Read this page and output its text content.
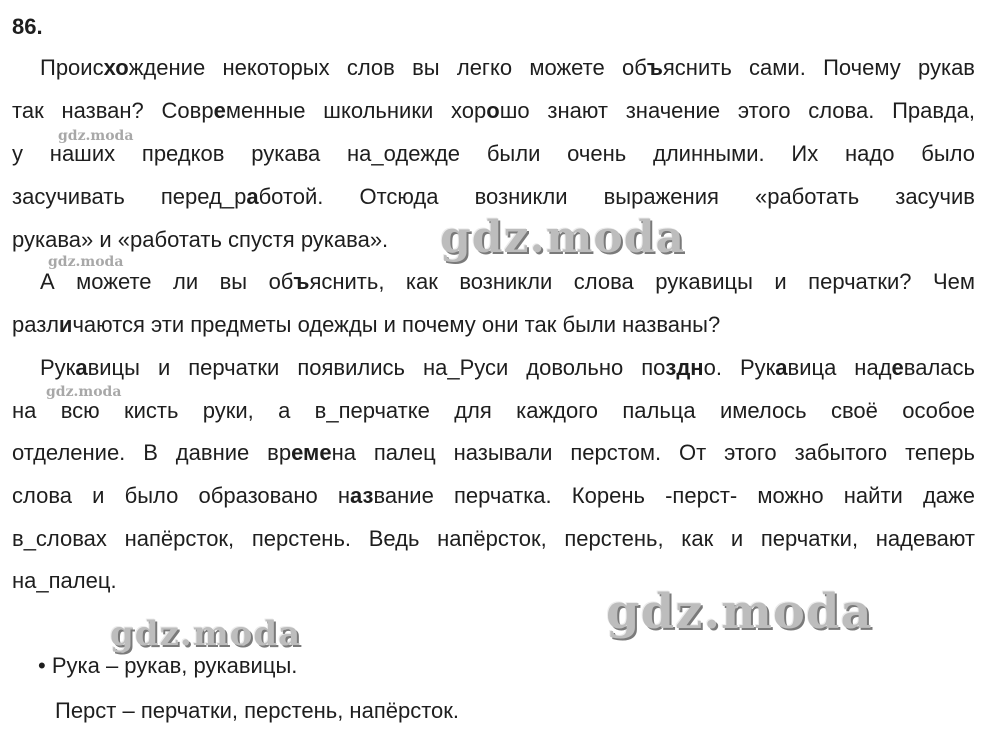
86.
Происхождение некоторых слов вы легко можете объяснить сами. Почему рукав
так назван? Современные школьники хорошо знают значение этого слова. Правда,
у наших предков рукава на_одежде были очень длинными. Их надо было
засучивать перед_работой. Отсюда возникли выражения «работать засучив
рукава» и «работать спустя рукава».
А можете ли вы объяснить, как возникли слова рукавицы и перчатки? Чем
различаются эти предметы одежды и почему они так были названы?
Рукавицы и перчатки появились на_Руси довольно поздно. Рукавица надевалась
на всю кисть руки, а в_перчатке для каждого пальца имелось своё особое
отделение. В давние времена палец называли перстом. От этого забытого теперь
слова и было образовано название перчатка. Корень -перст- можно найти даже
в_словах напёрсток, перстень. Ведь напёрсток, перстень, как и перчатки, надевают
на_палец.
• Рука – рукав, рукавицы.
Перст – перчатки, перстень, напёрсток.
gdz.moda
gdz.moda
gdz.moda
gdz.moda
gdz.moda
gdz.moda
